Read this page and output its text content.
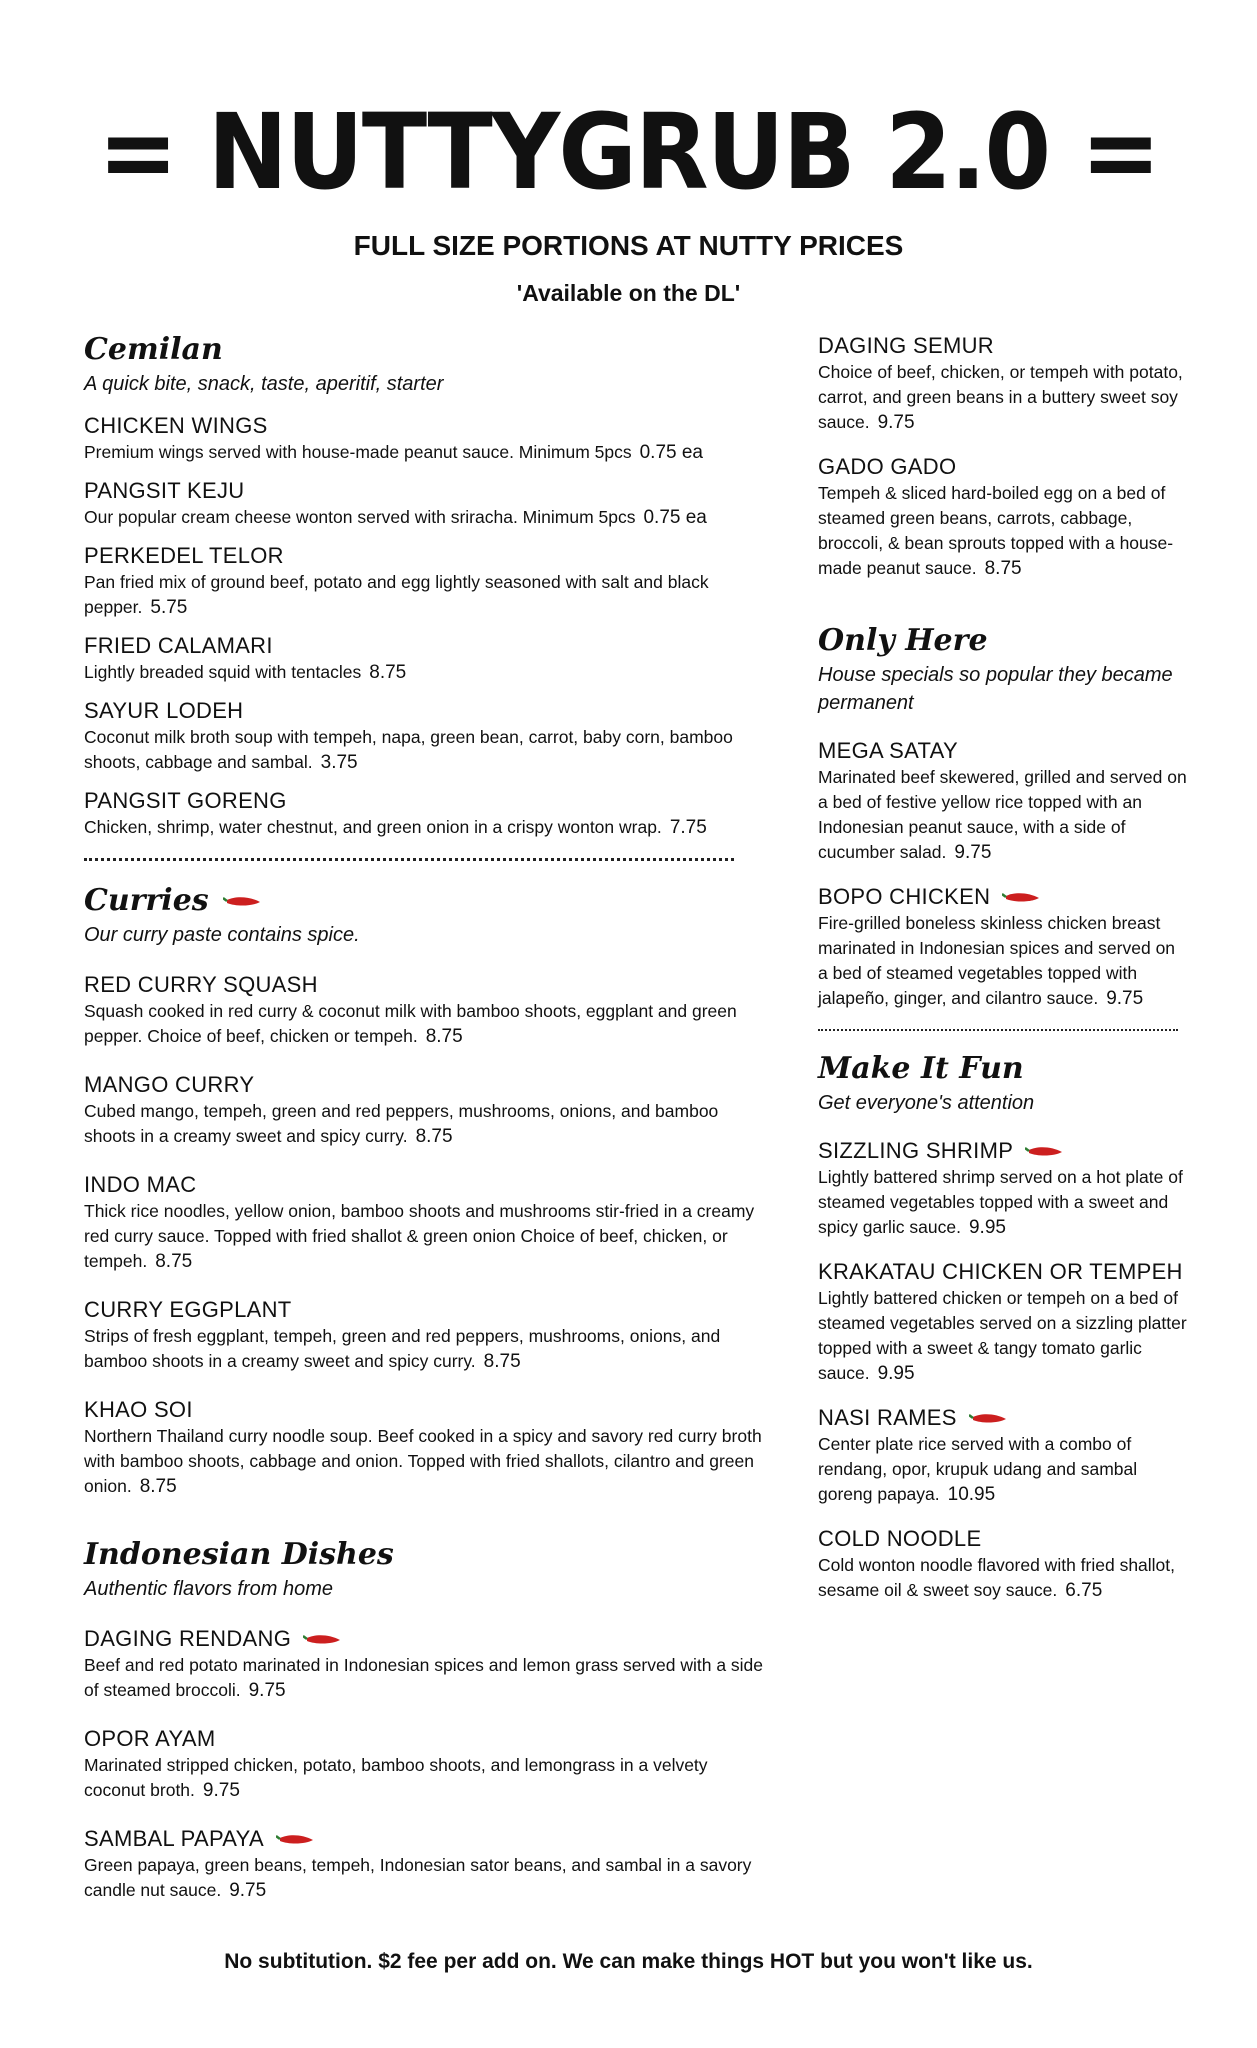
= NUTTYGRUB 2.0 =
FULL SIZE PORTIONS AT NUTTY PRICES
'Available on the DL'
Cemilan
A quick bite, snack, taste, aperitif, starter
CHICKEN WINGS
Premium wings served with house-made peanut sauce. Minimum 5pcs 0.75 ea
PANGSIT KEJU
Our popular cream cheese wonton served with sriracha. Minimum 5pcs 0.75 ea
PERKEDEL TELOR
Pan fried mix of ground beef, potato and egg lightly seasoned with salt and black pepper. 5.75
FRIED CALAMARI
Lightly breaded squid with tentacles 8.75
SAYUR LODEH
Coconut milk broth soup with tempeh, napa, green bean, carrot, baby corn, bamboo shoots, cabbage and sambal. 3.75
PANGSIT GORENG
Chicken, shrimp, water chestnut, and green onion in a crispy wonton wrap. 7.75
Curries
Our curry paste contains spice.
RED CURRY SQUASH
Squash cooked in red curry & coconut milk with bamboo shoots, eggplant and green pepper. Choice of beef, chicken or tempeh. 8.75
MANGO CURRY
Cubed mango, tempeh, green and red peppers, mushrooms, onions, and bamboo shoots in a creamy sweet and spicy curry. 8.75
INDO MAC
Thick rice noodles, yellow onion, bamboo shoots and mushrooms stir-fried in a creamy red curry sauce. Topped with fried shallot & green onion Choice of beef, chicken, or tempeh. 8.75
CURRY EGGPLANT
Strips of fresh eggplant, tempeh, green and red peppers, mushrooms, onions, and bamboo shoots in a creamy sweet and spicy curry. 8.75
KHAO SOI
Northern Thailand curry noodle soup. Beef cooked in a spicy and savory red curry broth with bamboo shoots, cabbage and onion. Topped with fried shallots, cilantro and green onion. 8.75
Indonesian Dishes
Authentic flavors from home
DAGING RENDANG
Beef and red potato marinated in Indonesian spices and lemon grass served with a side of steamed broccoli. 9.75
OPOR AYAM
Marinated stripped chicken, potato, bamboo shoots, and lemongrass in a velvety coconut broth. 9.75
SAMBAL PAPAYA
Green papaya, green beans, tempeh, Indonesian sator beans, and sambal in a savory candle nut sauce. 9.75
DAGING SEMUR
Choice of beef, chicken, or tempeh with potato, carrot, and green beans in a buttery sweet soy sauce. 9.75
GADO GADO
Tempeh & sliced hard-boiled egg on a bed of steamed green beans, carrots, cabbage, broccoli, & bean sprouts topped with a house-made peanut sauce. 8.75
Only Here
House specials so popular they became permanent
MEGA SATAY
Marinated beef skewered, grilled and served on a bed of festive yellow rice topped with an Indonesian peanut sauce, with a side of cucumber salad. 9.75
BOPO CHICKEN
Fire-grilled boneless skinless chicken breast marinated in Indonesian spices and served on a bed of steamed vegetables topped with jalapeño, ginger, and cilantro sauce. 9.75
Make It Fun
Get everyone's attention
SIZZLING SHRIMP
Lightly battered shrimp served on a hot plate of steamed vegetables topped with a sweet and spicy garlic sauce. 9.95
KRAKATAU CHICKEN OR TEMPEH
Lightly battered chicken or tempeh on a bed of steamed vegetables served on a sizzling platter topped with a sweet & tangy tomato garlic sauce. 9.95
NASI RAMES
Center plate rice served with a combo of rendang, opor, krupuk udang and sambal goreng papaya. 10.95
COLD NOODLE
Cold wonton noodle flavored with fried shallot, sesame oil & sweet soy sauce. 6.75
No subtitution. $2 fee per add on. We can make things HOT but you won't like us.
